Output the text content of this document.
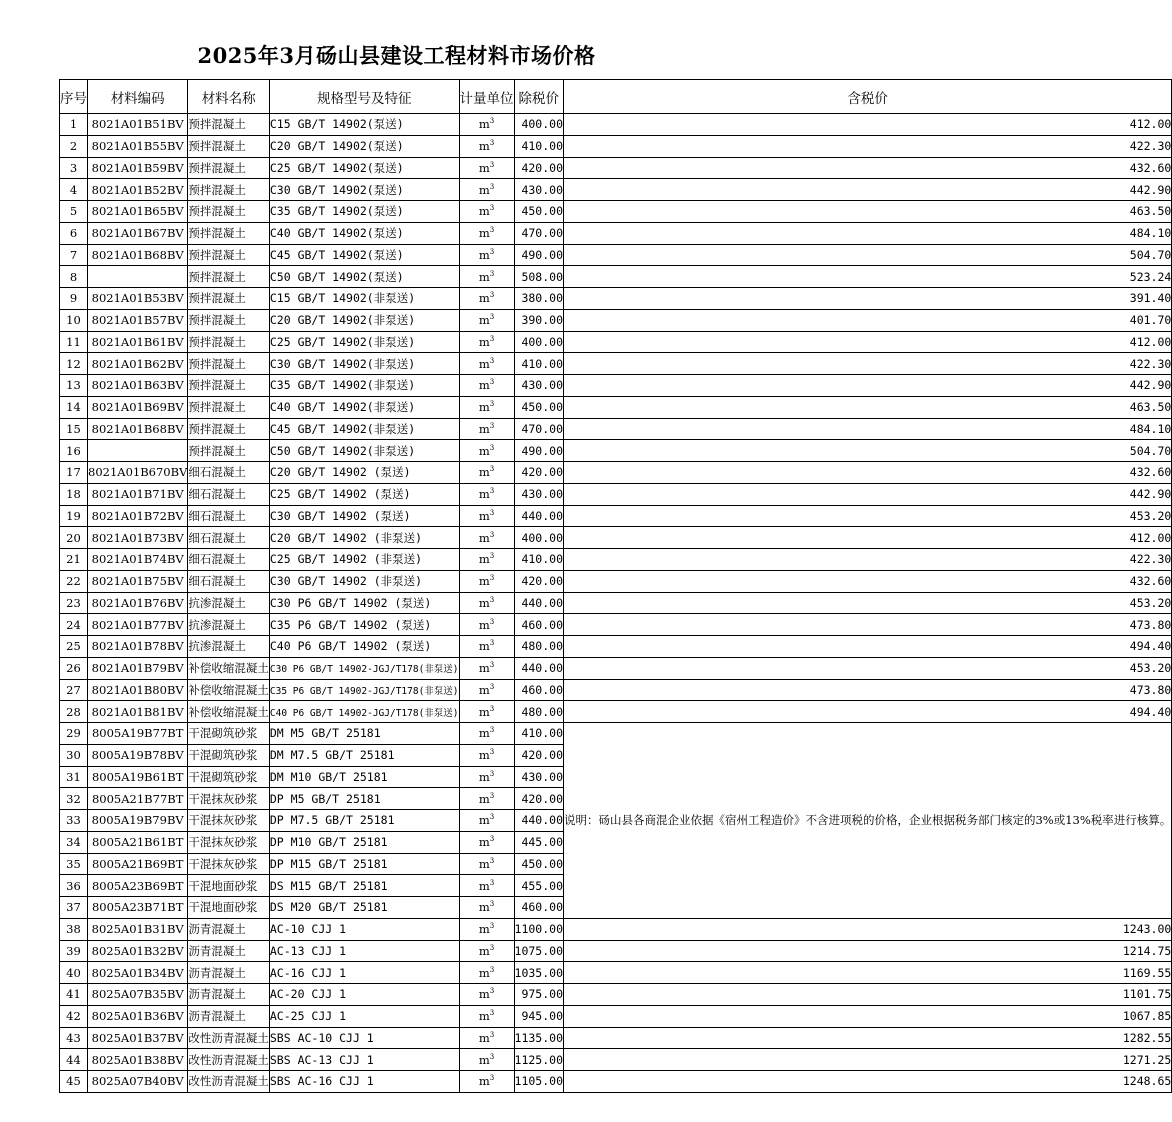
2025年3月砀山县建设工程材料市场价格
序号	材料编码	材料名称	规格型号及特征	计量单位	除税价	含税价
1	8021A01B51BV	预拌混凝土	C15 GB/T 14902(泵送)	$m^3$	400.00	412.00
2	8021A01B55BV	预拌混凝土	C20 GB/T 14902(泵送)	$m^3$	410.00	422.30
3	8021A01B59BV	预拌混凝土	C25 GB/T 14902(泵送)	$m^3$	420.00	432.60
4	8021A01B52BV	预拌混凝土	C30 GB/T 14902(泵送)	$m^3$	430.00	442.90
5	8021A01B65BV	预拌混凝土	C35 GB/T 14902(泵送)	$m^3$	450.00	463.50
6	8021A01B67BV	预拌混凝土	C40 GB/T 14902(泵送)	$m^3$	470.00	484.10
7	8021A01B68BV	预拌混凝土	C45 GB/T 14902(泵送)	$m^3$	490.00	504.70
8		预拌混凝土	C50 GB/T 14902(泵送)	$m^3$	508.00	523.24
9	8021A01B53BV	预拌混凝土	C15 GB/T 14902(非泵送)	$m^3$	380.00	391.40
10	8021A01B57BV	预拌混凝土	C20 GB/T 14902(非泵送)	$m^3$	390.00	401.70
11	8021A01B61BV	预拌混凝土	C25 GB/T 14902(非泵送)	$m^3$	400.00	412.00
12	8021A01B62BV	预拌混凝土	C30 GB/T 14902(非泵送)	$m^3$	410.00	422.30
13	8021A01B63BV	预拌混凝土	C35 GB/T 14902(非泵送)	$m^3$	430.00	442.90
14	8021A01B69BV	预拌混凝土	C40 GB/T 14902(非泵送)	$m^3$	450.00	463.50
15	8021A01B68BV	预拌混凝土	C45 GB/T 14902(非泵送)	$m^3$	470.00	484.10
16		预拌混凝土	C50 GB/T 14902(非泵送)	$m^3$	490.00	504.70
17	8021A01B670BV	细石混凝土	C20 GB/T 14902 (泵送)	$m^3$	420.00	432.60
18	8021A01B71BV	细石混凝土	C25 GB/T 14902 (泵送)	$m^3$	430.00	442.90
19	8021A01B72BV	细石混凝土	C30 GB/T 14902 (泵送)	$m^3$	440.00	453.20
20	8021A01B73BV	细石混凝土	C20 GB/T 14902 (非泵送)	$m^3$	400.00	412.00
21	8021A01B74BV	细石混凝土	C25 GB/T 14902 (非泵送)	$m^3$	410.00	422.30
22	8021A01B75BV	细石混凝土	C30 GB/T 14902 (非泵送)	$m^3$	420.00	432.60
23	8021A01B76BV	抗渗混凝土	C30 P6 GB/T 14902 (泵送)	$m^3$	440.00	453.20
24	8021A01B77BV	抗渗混凝土	C35 P6 GB/T 14902 (泵送)	$m^3$	460.00	473.80
25	8021A01B78BV	抗渗混凝土	C40 P6 GB/T 14902 (泵送)	$m^3$	480.00	494.40
26	8021A01B79BV	补偿收缩混凝土	C30 P6 GB/T 14902-JGJ/T178(非泵送)	$m^3$	440.00	453.20
27	8021A01B80BV	补偿收缩混凝土	C35 P6 GB/T 14902-JGJ/T178(非泵送)	$m^3$	460.00	473.80
28	8021A01B81BV	补偿收缩混凝土	C40 P6 GB/T 14902-JGJ/T178(非泵送)	$m^3$	480.00	494.40
29	8005A19B77BT	干混砌筑砂浆	DM M5 GB/T 25181	$m^3$	410.00	说明：砀山县各商混企业依据《宿州工程造价》不含进项税的价格，企业根据税务部门核定的3%或13%税率进行核算。
30	8005A19B78BV	干混砌筑砂浆	DM M7.5 GB/T 25181	$m^3$	420.00	
31	8005A19B61BT	干混砌筑砂浆	DM M10 GB/T 25181	$m^3$	430.00	
32	8005A21B77BT	干混抹灰砂浆	DP M5 GB/T 25181	$m^3$	420.00	
33	8005A19B79BV	干混抹灰砂浆	DP M7.5 GB/T 25181	$m^3$	440.00	
34	8005A21B61BT	干混抹灰砂浆	DP M10 GB/T 25181	$m^3$	445.00	
35	8005A21B69BT	干混抹灰砂浆	DP M15 GB/T 25181	$m^3$	450.00	
36	8005A23B69BT	干混地面砂浆	DS M15 GB/T 25181	$m^3$	455.00	
37	8005A23B71BT	干混地面砂浆	DS M20 GB/T 25181	$m^3$	460.00	
38	8025A01B31BV	沥青混凝土	AC-10 CJJ 1	$m^3$	1100.00	1243.00
39	8025A01B32BV	沥青混凝土	AC-13 CJJ 1	$m^3$	1075.00	1214.75
40	8025A01B34BV	沥青混凝土	AC-16 CJJ 1	$m^3$	1035.00	1169.55
41	8025A07B35BV	沥青混凝土	AC-20 CJJ 1	$m^3$	975.00	1101.75
42	8025A01B36BV	沥青混凝土	AC-25 CJJ 1	$m^3$	945.00	1067.85
43	8025A01B37BV	改性沥青混凝土	SBS AC-10 CJJ 1	$m^3$	1135.00	1282.55
44	8025A01B38BV	改性沥青混凝土	SBS AC-13 CJJ 1	$m^3$	1125.00	1271.25
45	8025A07B40BV	改性沥青混凝土	SBS AC-16 CJJ 1	$m^3$	1105.00	1248.65
